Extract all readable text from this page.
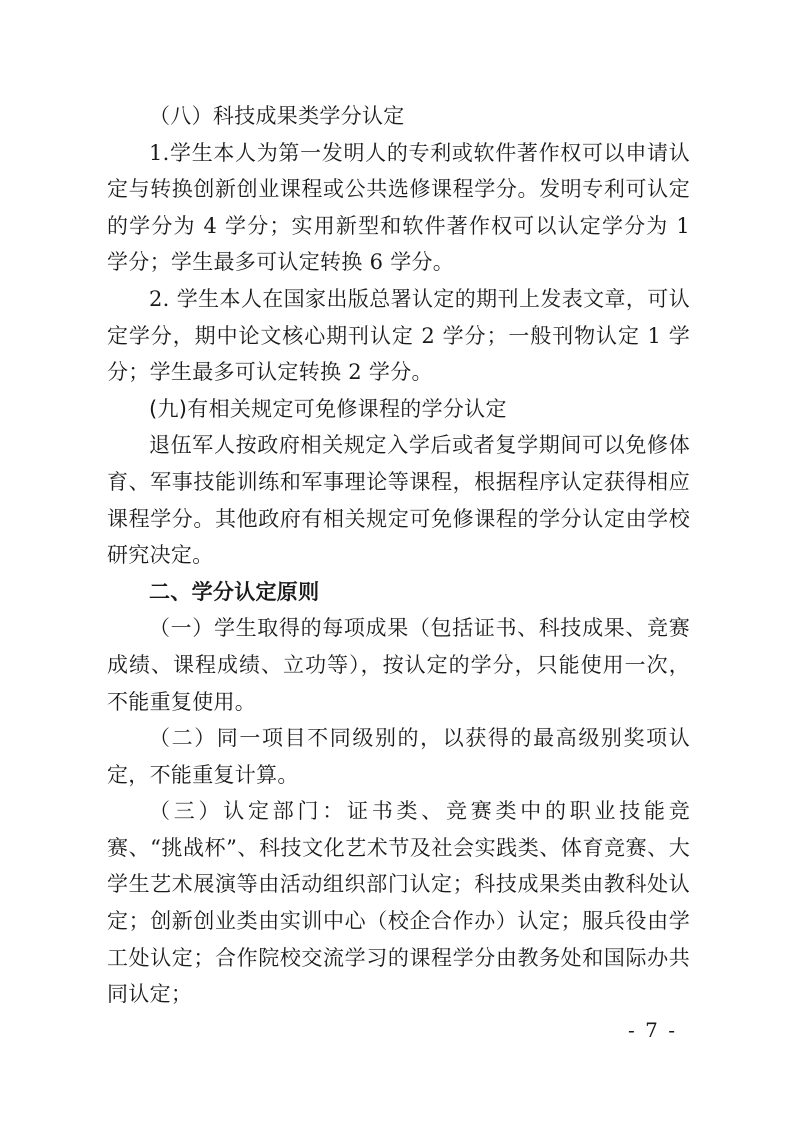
（八）科技成果类学分认定

1.学生本人为第一发明人的专利或软件著作权可以申请认定与转换创新创业课程或公共选修课程学分。发明专利可认定的学分为 4 学分；实用新型和软件著作权可以认定学分为 1 学分；学生最多可认定转换 6 学分。

2. 学生本人在国家出版总署认定的期刊上发表文章，可认定学分，期中论文核心期刊认定 2 学分；一般刊物认定 1 学分；学生最多可认定转换 2 学分。

(九)有相关规定可免修课程的学分认定

退伍军人按政府相关规定入学后或者复学期间可以免修体育、军事技能训练和军事理论等课程，根据程序认定获得相应课程学分。其他政府有相关规定可免修课程的学分认定由学校研究决定。

二、学分认定原则

（一）学生取得的每项成果（包括证书、科技成果、竞赛成绩、课程成绩、立功等），按认定的学分，只能使用一次，不能重复使用。

（二）同一项目不同级别的，以获得的最高级别奖项认定，不能重复计算。

（三）认定部门：证书类、竞赛类中的职业技能竞赛、“挑战杯”、科技文化艺术节及社会实践类、体育竞赛、大学生艺术展演等由活动组织部门认定；科技成果类由教科处认定；创新创业类由实训中心（校企合作办）认定；服兵役由学工处认定；合作院校交流学习的课程学分由教务处和国际办共同认定；

- 7 -
